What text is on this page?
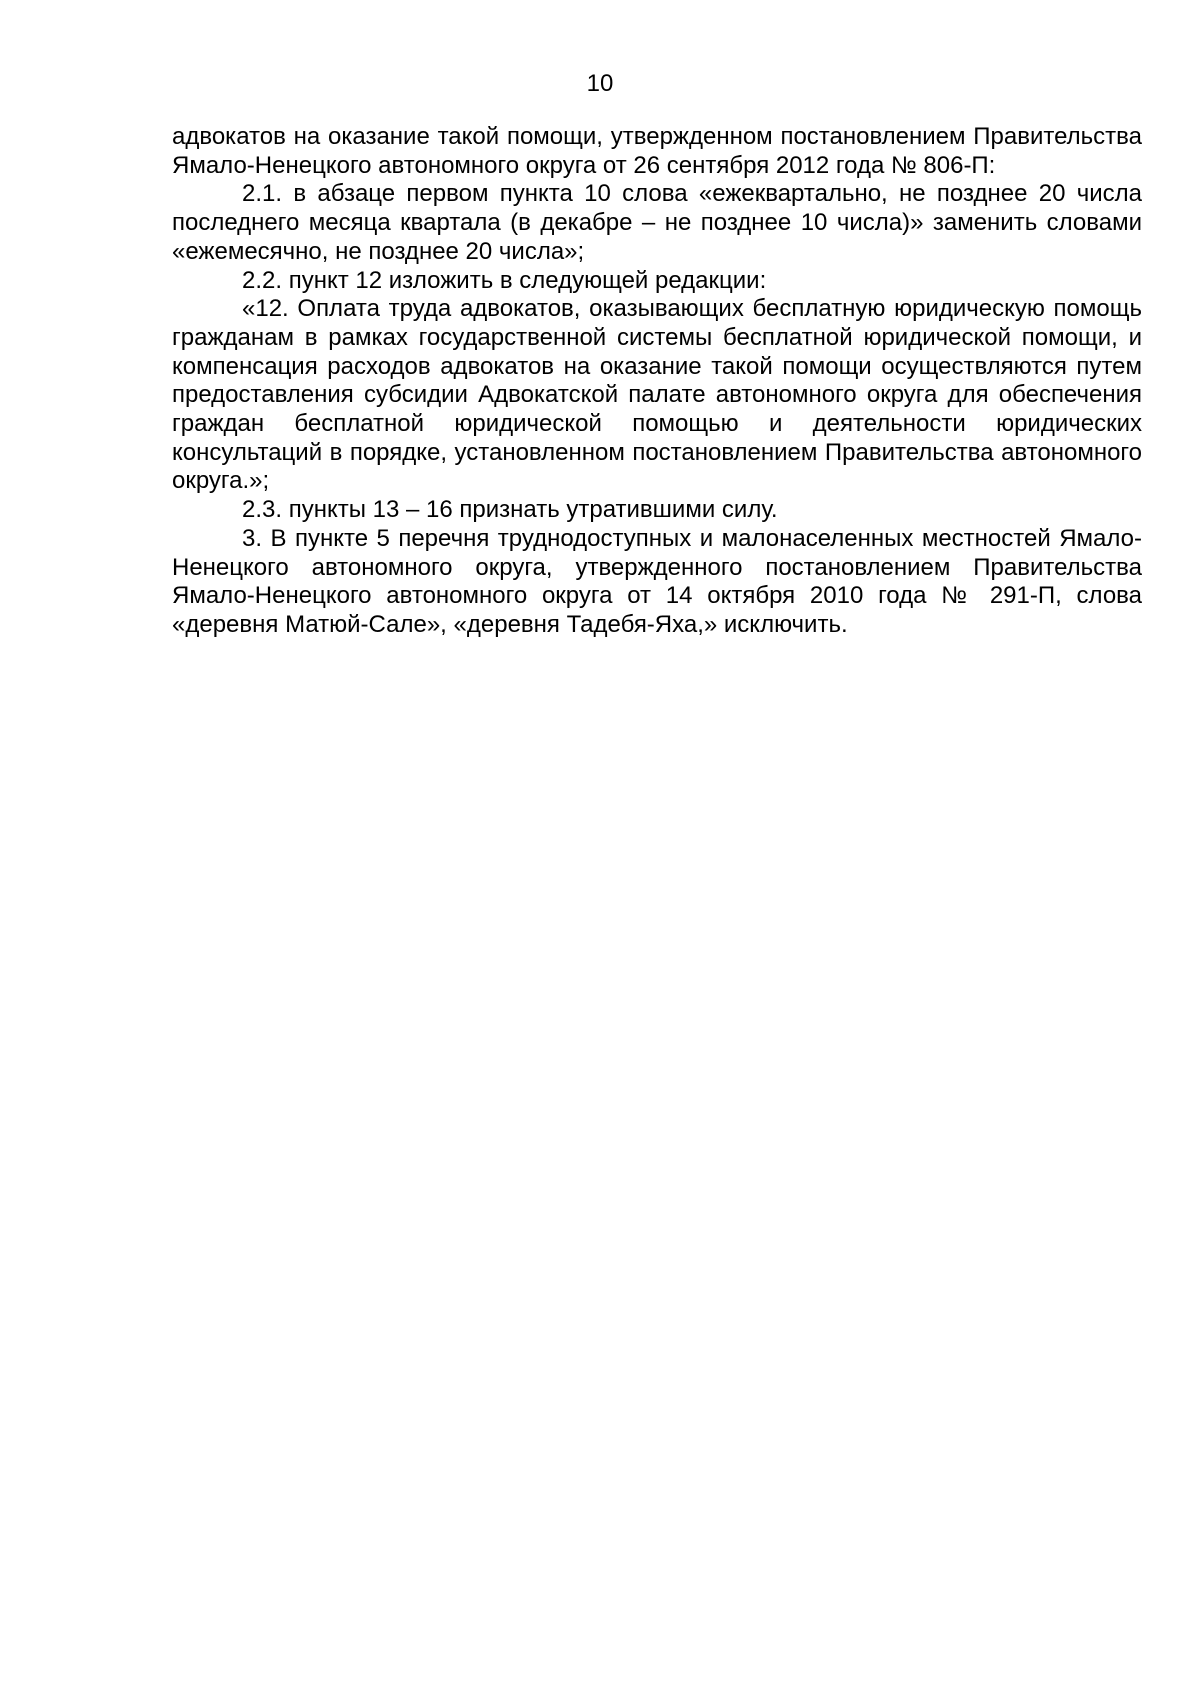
10

адвокатов на оказание такой помощи, утвержденном постановлением Правительства Ямало-Ненецкого автономного округа от 26 сентября 2012 года № 806-П:

2.1. в абзаце первом пункта 10 слова «ежеквартально, не позднее 20 числа последнего месяца квартала (в декабре – не позднее 10 числа)» заменить словами «ежемесячно, не позднее 20 числа»;

2.2. пункт 12 изложить в следующей редакции:

«12. Оплата труда адвокатов, оказывающих бесплатную юридическую помощь гражданам в рамках государственной системы бесплатной юридической помощи, и компенсация расходов адвокатов на оказание такой помощи осуществляются путем предоставления субсидии Адвокатской палате автономного округа для обеспечения граждан бесплатной юридической помощью и деятельности юридических консультаций в порядке, установленном постановлением Правительства автономного округа.»;

2.3. пункты 13 – 16 признать утратившими силу.

3. В пункте 5 перечня труднодоступных и малонаселенных местностей Ямало-Ненецкого автономного округа, утвержденного постановлением Правительства Ямало-Ненецкого автономного округа от 14 октября 2010 года № 291-П, слова «деревня Матюй-Сале», «деревня Тадебя-Яха,» исключить.
